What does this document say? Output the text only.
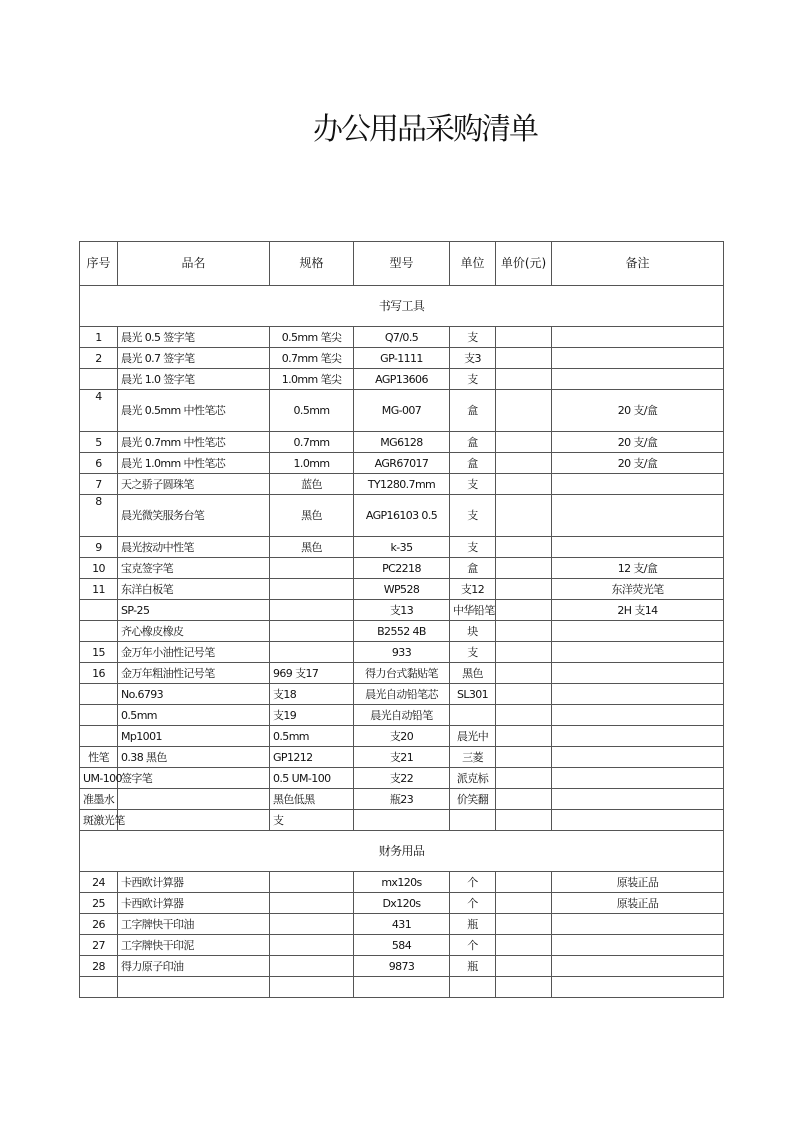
办公用品采购清单
序号	品名	规格	型号	单位	单价(元)	备注
书写工具						
1	晨光 0.5 签字笔	0.5mm 笔尖	Q7/0.5	支		
2	晨光 0.7 签字笔	0.7mm 笔尖	GP-1111	支3		
	晨光 1.0 签字笔	1.0mm 笔尖	AGP13606	支		
4	晨光 0.5mm 中性笔芯	0.5mm	MG-007	盒		20 支/盒
5	晨光 0.7mm 中性笔芯	0.7mm	MG6128	盒		20 支/盒
6	晨光 1.0mm 中性笔芯	1.0mm	AGR67017	盒		20 支/盒
7	天之骄子圆珠笔	蓝色	TY1280.7mm	支		
8	晨光微笑服务台笔	黑色	AGP16103 0.5	支		
9	晨光按动中性笔	黑色	k-35	支		
10	宝克签字笔		PC2218	盒		12 支/盒
11	东洋白板笔		WP528	支12		东洋荧光笔
	SP-25		支13	中华铅笔		2H 支14
	齐心橡皮橡皮		B2552 4B	块		
15	金万年小油性记号笔		933	支		
16	金万年粗油性记号笔	969 支17	得力台式黏贴笔	黑色		
	No.6793	支18	晨光自动铅笔芯	SL301		
	0.5mm	支19	晨光自动铅笔			
	Mp1001	0.5mm	支20	晨光中		
性笔	0.38 黑色	GP1212	支21	三菱		
UM-100	签字笔	0.5 UM-100	支22	派克标		
准墨水		黑色低黑	瓶23	价笑翻		
斑激光笔		支				
财务用品						
24	卡西欧计算器		mx120s	个		原装正品
25	卡西欧计算器		Dx120s	个		原装正品
26	工字牌快干印油		431	瓶		
27	工字牌快干印泥		584	个		
28	得力原子印油		9873	瓶		
